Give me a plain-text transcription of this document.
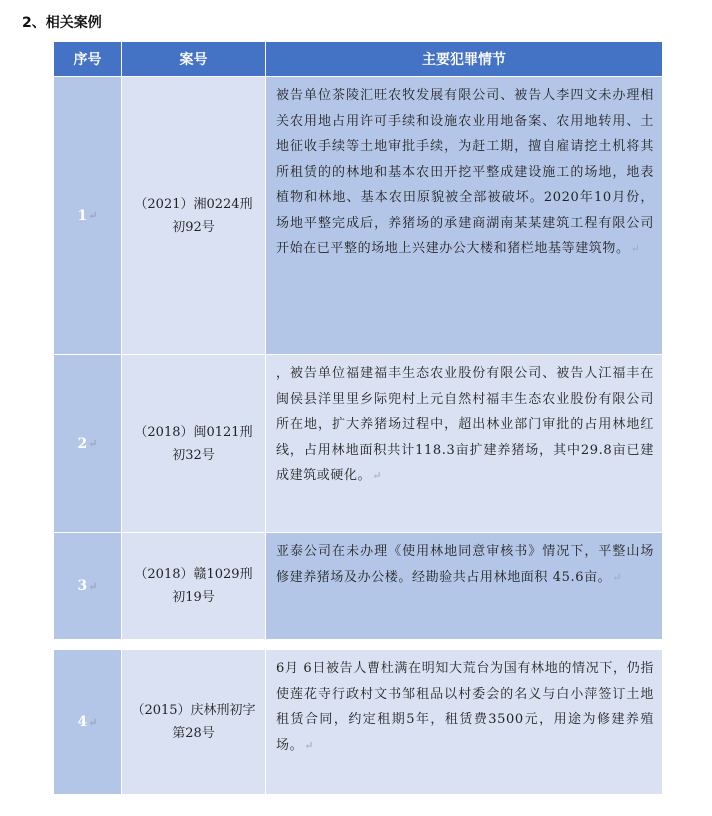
2、相关案例
序号	案号	主要犯罪情节
1 ↵
（2021）湘0224刑初92号
被告单位茶陵汇旺农牧发展有限公司、被告人李四文未办理相关农用地占用许可手续和设施农业用地备案、农用地转用、土地征收手续等土地审批手续，为赶工期，擅自雇请挖土机将其所租赁的的林地和基本农田开挖平整成建设施工的场地，地表植物和林地、基本农田原貌被全部被破坏。2020年10月份，场地平整完成后，养猪场的承建商湖南某某建筑工程有限公司开始在已平整的场地上兴建办公大楼和猪栏地基等建筑物。↵
2 ↵
（2018）闽0121刑初32号
，被告单位福建福丰生态农业股份有限公司、被告人江福丰在闽侯县洋里里乡际兜村上元自然村福丰生态农业股份有限公司所在地，扩大养猪场过程中，超出林业部门审批的占用林地红线，占用林地面积共计118.3亩扩建养猪场，其中29.8亩已建成建筑或硬化。↵
3 ↵
（2018）赣1029刑初19号
亚泰公司在未办理《使用林地同意审核书》情况下，平整山场修建养猪场及办公楼。经勘验共占用林地面积 45.6亩。↵
4 ↵
（2015）庆林刑初字第28号
6月 6日被告人曹杜满在明知大荒台为国有林地的情况下，仍指使莲花寺行政村文书邹租品以村委会的名义与白小萍签订土地租赁合同，约定租期5年，租赁费3500元，用途为修建养殖场。↵
